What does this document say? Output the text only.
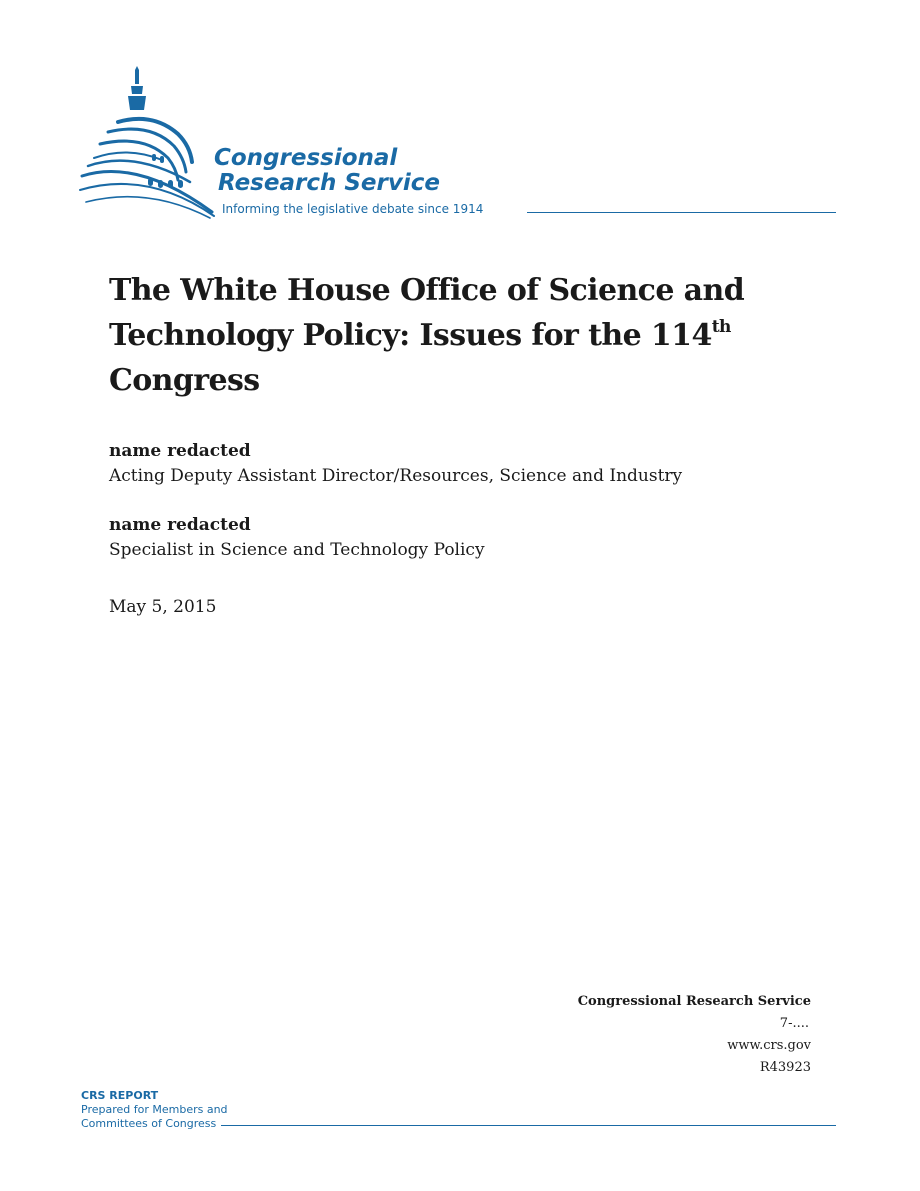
Congressional
Research Service
Informing the legislative debate since 1914
The White House Office of Science and Technology Policy: Issues for the 114th
Congress
name redacted
Acting Deputy Assistant Director/Resources, Science and Industry
name redacted
Specialist in Science and Technology Policy
May 5, 2015
Congressional Research Service
7-....
www.crs.gov
R43923
CRS REPORT
Prepared for Members and
Committees of Congress
